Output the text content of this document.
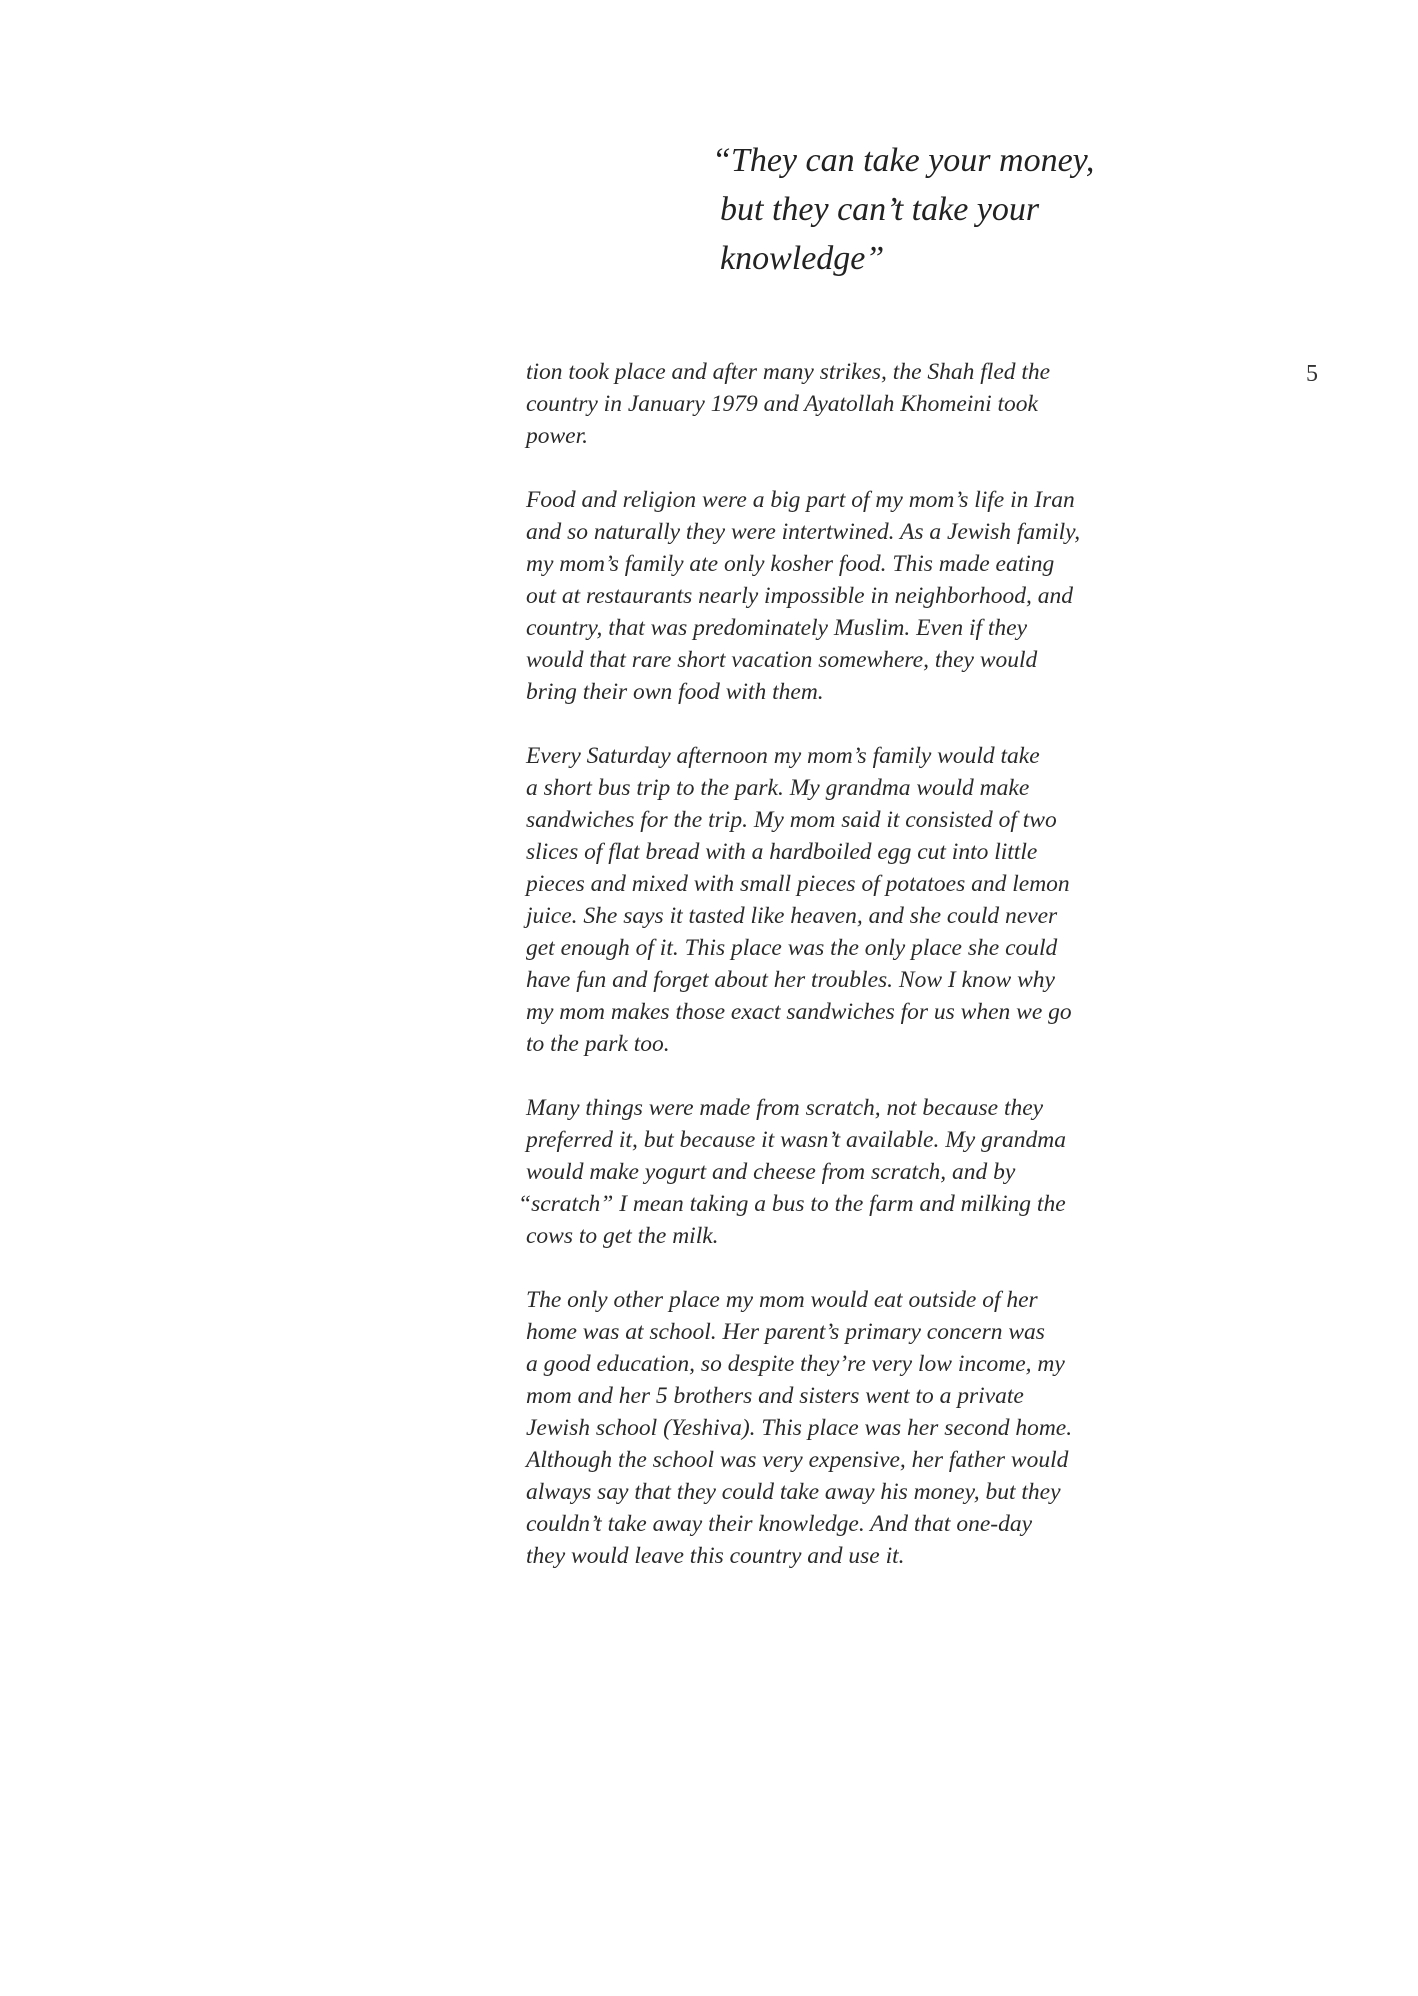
“They can take your money,
but they can’t take your
knowledge”
5
tion took place and after many strikes, the Shah fled the
country in January 1979 and Ayatollah Khomeini took
power.
Food and religion were a big part of my mom’s life in Iran
and so naturally they were intertwined. As a Jewish family,
my mom’s family ate only kosher food. This made eating
out at restaurants nearly impossible in neighborhood, and
country, that was predominately Muslim. Even if they
would that rare short vacation somewhere, they would
bring their own food with them.
Every Saturday afternoon my mom’s family would take
a short bus trip to the park. My grandma would make
sandwiches for the trip. My mom said it consisted of two
slices of flat bread with a hardboiled egg cut into little
pieces and mixed with small pieces of potatoes and lemon
juice. She says it tasted like heaven, and she could never
get enough of it. This place was the only place she could
have fun and forget about her troubles. Now I know why
my mom makes those exact sandwiches for us when we go
to the park too.
Many things were made from scratch, not because they
preferred it, but because it wasn’t available. My grandma
would make yogurt and cheese from scratch, and by
“scratch” I mean taking a bus to the farm and milking the
cows to get the milk.
The only other place my mom would eat outside of her
home was at school. Her parent’s primary concern was
a good education, so despite they’re very low income, my
mom and her 5 brothers and sisters went to a private
Jewish school (Yeshiva). This place was her second home.
Although the school was very expensive, her father would
always say that they could take away his money, but they
couldn’t take away their knowledge. And that one-day
they would leave this country and use it.
